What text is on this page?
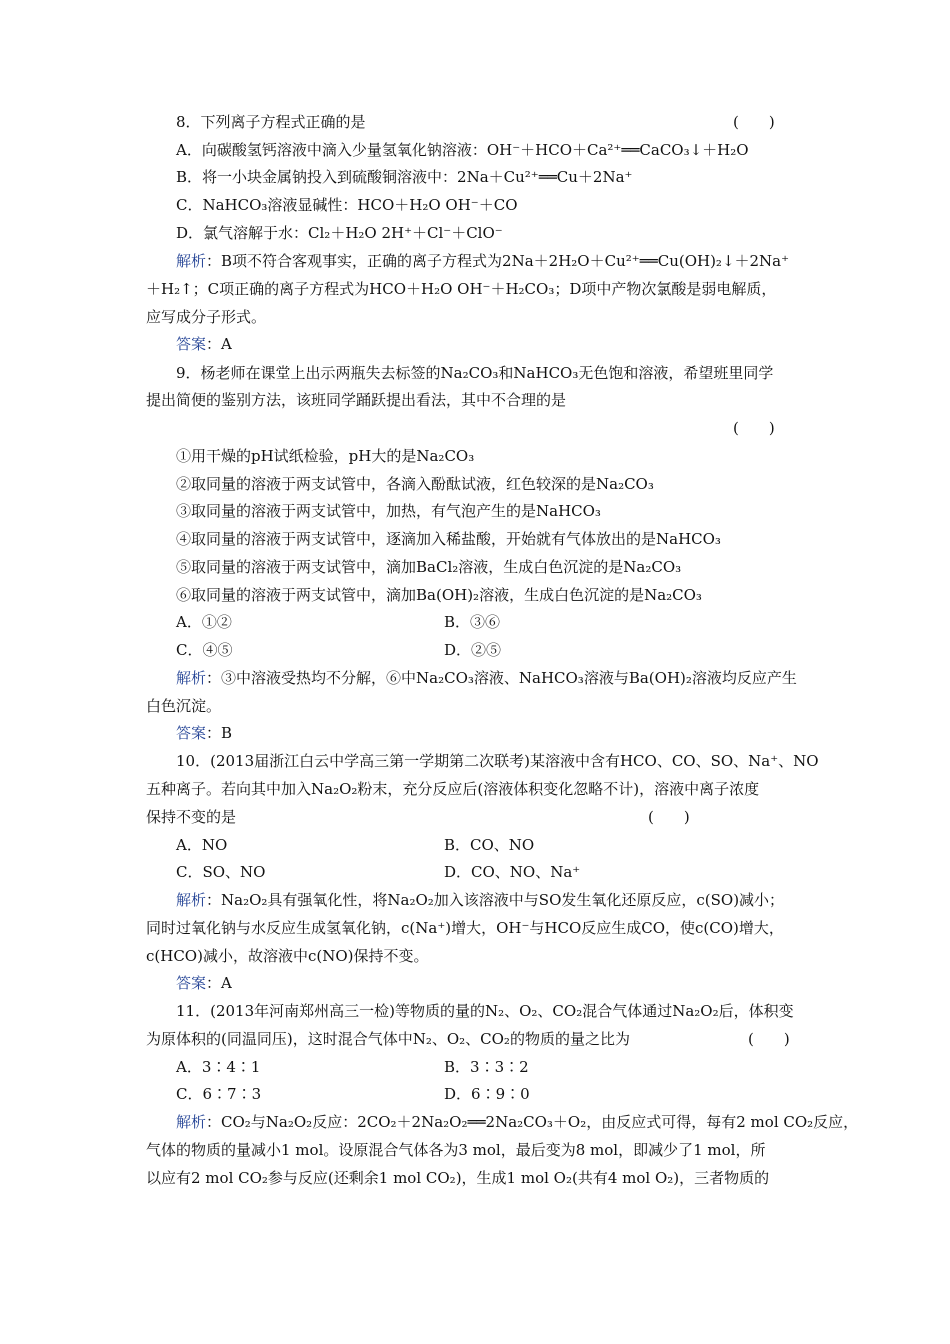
8．下列离子方程式正确的是
A．向碳酸氢钙溶液中滴入少量氢氧化钠溶液：OH⁻＋HCO＋Ca²⁺══CaCO₃↓＋H₂O
B．将一小块金属钠投入到硫酸铜溶液中：2Na＋Cu²⁺══Cu＋2Na⁺
C．NaHCO₃溶液显碱性：HCO＋H₂O OH⁻＋CO
D．氯气溶解于水：Cl₂＋H₂O 2H⁺＋Cl⁻＋ClO⁻
解析：B项不符合客观事实，正确的离子方程式为2Na＋2H₂O＋Cu²⁺══Cu(OH)₂↓＋2Na⁺
＋H₂↑；C项正确的离子方程式为HCO＋H₂O OH⁻＋H₂CO₃；D项中产物次氯酸是弱电解质，
应写成分子形式。
答案：A
9．杨老师在课堂上出示两瓶失去标签的Na₂CO₃和NaHCO₃无色饱和溶液，希望班里同学
提出简便的鉴别方法，该班同学踊跃提出看法，其中不合理的是
①用干燥的pH试纸检验，pH大的是Na₂CO₃
②取同量的溶液于两支试管中，各滴入酚酞试液，红色较深的是Na₂CO₃
③取同量的溶液于两支试管中，加热，有气泡产生的是NaHCO₃
④取同量的溶液于两支试管中，逐滴加入稀盐酸，开始就有气体放出的是NaHCO₃
⑤取同量的溶液于两支试管中，滴加BaCl₂溶液，生成白色沉淀的是Na₂CO₃
⑥取同量的溶液于两支试管中，滴加Ba(OH)₂溶液，生成白色沉淀的是Na₂CO₃
A．①②	B．③⑥
C．④⑤	D．②⑤
解析：③中溶液受热均不分解，⑥中Na₂CO₃溶液、NaHCO₃溶液与Ba(OH)₂溶液均反应产生
白色沉淀。
答案：B
10．(2013届浙江白云中学高三第一学期第二次联考)某溶液中含有HCO、CO、SO、Na⁺、NO
五种离子。若向其中加入Na₂O₂粉末，充分反应后(溶液体积变化忽略不计)，溶液中离子浓度
保持不变的是
A．NO	B．CO、NO
C．SO、NO	D．CO、NO、Na⁺
解析：Na₂O₂具有强氧化性，将Na₂O₂加入该溶液中与SO发生氧化还原反应，c(SO)减小；
同时过氧化钠与水反应生成氢氧化钠，c(Na⁺)增大，OH⁻与HCO反应生成CO，使c(CO)增大，
c(HCO)减小，故溶液中c(NO)保持不变。
答案：A
11．(2013年河南郑州高三一检)等物质的量的N₂、O₂、CO₂混合气体通过Na₂O₂后，体积变
为原体积的(同温同压)，这时混合气体中N₂、O₂、CO₂的物质的量之比为
A．3∶4∶1	B．3∶3∶2
C．6∶7∶3	D．6∶9∶0
解析：CO₂与Na₂O₂反应：2CO₂＋2Na₂O₂══2Na₂CO₃＋O₂，由反应式可得，每有2 mol CO₂反应，
气体的物质的量减小1 mol。设原混合气体各为3 mol，最后变为8 mol，即减少了1 mol，所
以应有2 mol CO₂参与反应(还剩余1 mol CO₂)，生成1 mol O₂(共有4 mol O₂)，三者物质的
(　　)
(　　)
(　　)
(　　)
